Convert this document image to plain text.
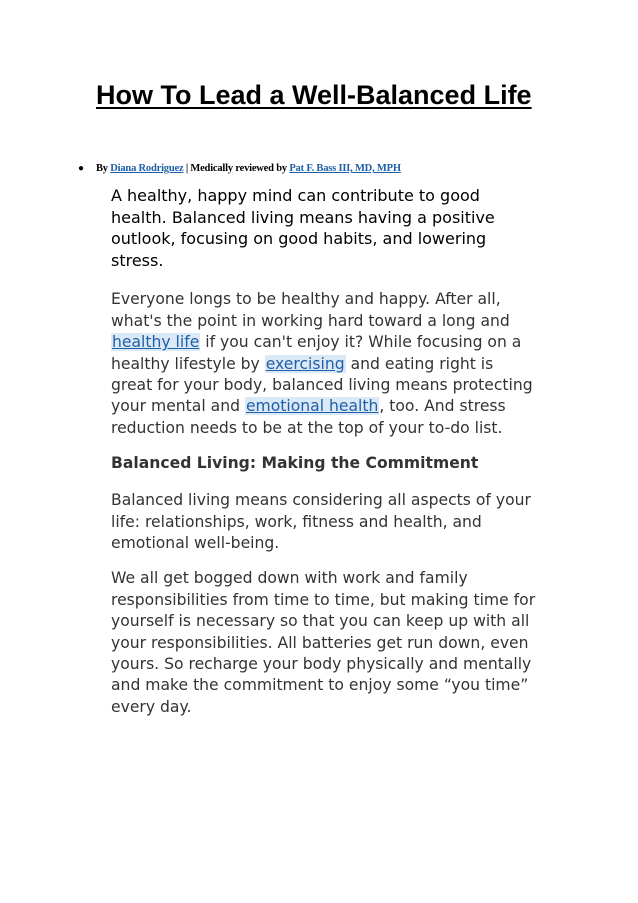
How To Lead a Well-Balanced Life
● By Diana Rodriguez | Medically reviewed by Pat F. Bass III, MD, MPH

A healthy, happy mind can contribute to good health. Balanced living means having a positive outlook, focusing on good habits, and lowering stress.

Everyone longs to be healthy and happy. After all, what's the point in working hard toward a long and healthy life if you can't enjoy it? While focusing on a healthy lifestyle by exercising and eating right is great for your body, balanced living means protecting your mental and emotional health, too. And stress reduction needs to be at the top of your to-do list.

Balanced Living: Making the Commitment

Balanced living means considering all aspects of your life: relationships, work, fitness and health, and emotional well-being.

We all get bogged down with work and family responsibilities from time to time, but making time for yourself is necessary so that you can keep up with all your responsibilities. All batteries get run down, even yours. So recharge your body physically and mentally and make the commitment to enjoy some “you time” every day.
